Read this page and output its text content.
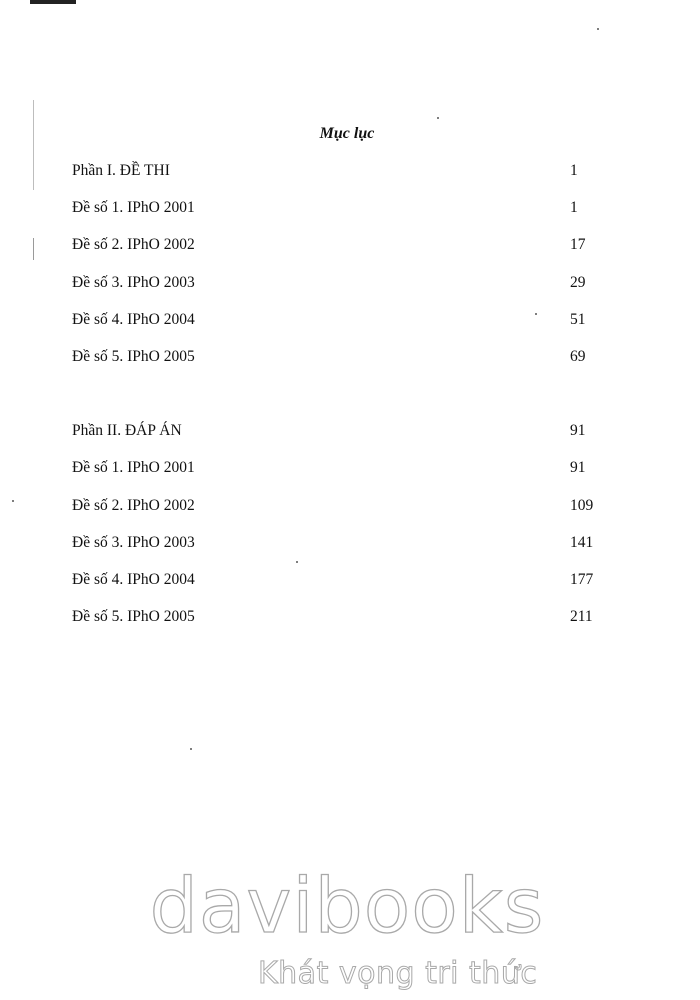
Mục lục
Phần I. ĐỀ THI	1
Đề số 1. IPhO 2001	1
Đề số 2. IPhO 2002	17
Đề số 3. IPhO 2003	29
Đề số 4. IPhO 2004	51
Đề số 5. IPhO 2005	69
Phần II. ĐÁP ÁN	91
Đề số 1. IPhO 2001	91
Đề số 2. IPhO 2002	109
Đề số 3. IPhO 2003	141
Đề số 4. IPhO 2004	177
Đề số 5. IPhO 2005	211
davibooks
Khát vọng tri thức
